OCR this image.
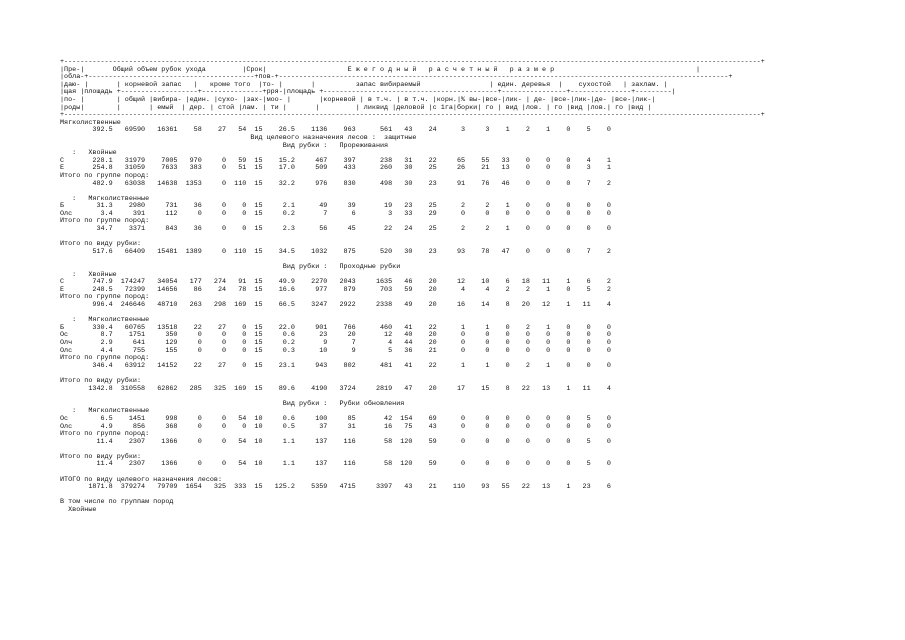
+----------------------------------------------------------------------------------------------------------------------------------------------------------------------------+
|Пре-|       Общий объем рубок ухода         |Срок|                    Е ж е г о д н ы й   р а с ч е т н ы й   р а з м е р                                   |
|обла-+-----------------------------------------+пов-+---------------------------------------------------------------------------------------------------------------+
|даю- |       | корневой запас   |   кроме того  |то- |       |          запас вибираемый                 | един. деревья  |    сухостой   | захлам. |
|щая |площадь +-------------------+---------------+рря-|площадь +-------------------------------------------+----------------+---------------+---------|
|по- |        | общий |вибира- |един. |сухо- |зах-|моо- |       |корневой | в т.ч. | в т.ч. |корн.|% вы-|все-|лик- | де- |все-|лик-|де- |все-|лик-|
|роды|        |       | емый  | дер. | стой |лам. | ти |       |         | ликвид |деловой |с 1га|борки| го | вид |лов. | го |вид |лов.| го |вид |
+----------------------------------------------------------------------------------------------------------------------------------------------------------------------------+
Мягколиственные
392.5   69590   16361    58    27   54  15    26.5    1136    963      561   43    24      3     3    1    2    1    0    5    0
Вид целевого назначения лесов :  защитные
Вид рубки :   Прореживания
:   Хвойные
С       228.1   31979    7005   970     0   59  15    15.2     467    397      238   31    22     65    55   33    0    0    0    4    1
Е       254.8   31059    7633   383     0   51  15    17.0     509    433      260   30    25     26    21   13    0    0    0    3    1
Итого по группе пород:
482.9   63038   14638  1353     0  110  15    32.2     976    830      498   30    23     91    76   46    0    0    0    7    2

:   Мягколиственные
Б        31.3    2980     731    36     0    0  15     2.1      49     39       19   23    25      2     2    1    0    0    0    0    0
Олс       3.4     391     112     0     0    0  15     0.2       7      6        3   33    29      0     0    0    0    0    0    0    0
Итого по группе пород:
34.7    3371     843    36     0    0  15     2.3      56     45       22   24    25      2     2    1    0    0    0    0    0

Итого по виду рубки:
517.6   66409   15481  1389     0  110  15    34.5    1032    875      520   30    23     93    78   47    0    0    0    7    2

Вид рубки :   Проходные рубки
:   Хвойные
С       747.9  174247   34054   177   274   91  15    49.9    2270   2043     1635   46    20     12    10    6   18   11    1    6    2
Е       248.5   72399   14656    86    24   78  15    16.6     977    879      703   59    20      4     4    2    2    1    0    5    2
Итого по группе пород:
996.4  246646   48710   263   298  169  15    66.5    3247   2922     2338   49    20     16    14    8   20   12    1   11    4

:   Мягколиственные
Б       330.4   60765   13518    22    27    0  15    22.0     901    766      460   41    22      1     1    0    2    1    0    0    0
Ос        8.7    1751     350     0     0    0  15     0.6      23     20       12   40    20      0     0    0    0    0    0    0    0
Олч       2.9     641     129     0     0    0  15     0.2       9      7        4   44    20      0     0    0    0    0    0    0    0
Олс       4.4     755     155     0     0    0  15     0.3      10      9        5   36    21      0     0    0    0    0    0    0    0
Итого по группе пород:
346.4   63912   14152    22    27    0  15    23.1     943    802      481   41    22      1     1    0    2    1    0    0    0

Итого по виду рубки:
1342.8  310558   62862   285   325  169  15    89.6    4190   3724     2819   47    20     17    15    8   22   13    1   11    4

Вид рубки :   Рубки обновления
:   Мягколиственные
Ос        6.5    1451     998     0     0   54  10     0.6     100     85       42  154    69      0     0    0    0    0    0    5    0
Олс       4.9     856     368     0     0    0  10     0.5      37     31       16   75    43      0     0    0    0    0    0    0    0
Итого по группе пород:
11.4    2307    1366     0     0   54  10     1.1     137    116       58  120    59      0     0    0    0    0    0    5    0

Итого по виду рубки:
11.4    2307    1366     0     0   54  10     1.1     137    116       58  120    59      0     0    0    0    0    0    5    0

ИТОГО по виду целевого назначения лесов:
1871.8  379274   79709  1654   325  333  15   125.2    5359   4715     3397   43    21    110    93   55   22   13    1   23    6

В том числе по группам пород
Хвойные
